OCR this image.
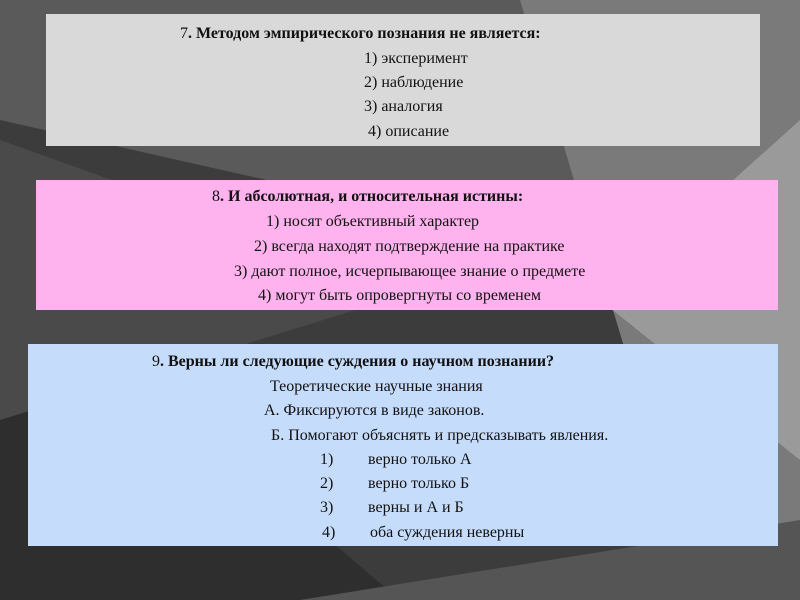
7. Методом эмпирического познания не является:
1) эксперимент
2) наблюдение
3) аналогия
4) описание
8. И абсолютная, и относительная истины:
1) носят объективный характер
2) всегда находят подтверждение на практике
3) дают полное, исчерпывающее знание о предмете
4) могут быть опровергнуты со временем
9. Верны ли следующие суждения о научном познании?
Теоретические научные знания
А. Фиксируются в виде законов.
Б. Помогают объяснять и предсказывать явления.
1) верно только А
2) верно только Б
3) верны и А и Б
4) оба суждения неверны
